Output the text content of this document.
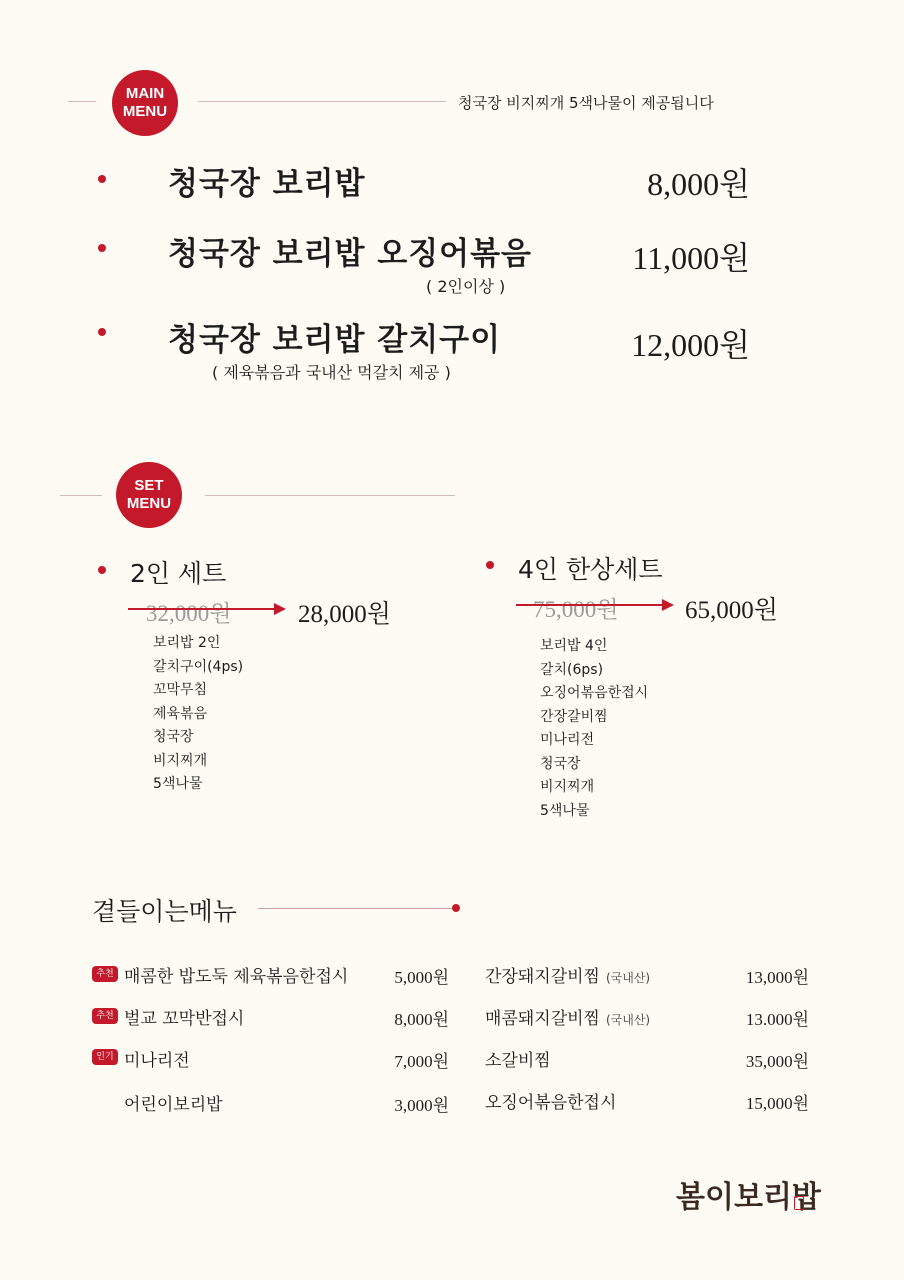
MAIN
MENU	청국장 비지찌개 5색나물이 제공됩니다
청국장 보리밥	8,000원
청국장 보리밥 오징어볶음	11,000원
( 2인이상 )
청국장 보리밥 갈치구이	12,000원
( 제육볶음과 국내산 먹갈치 제공 )
SET
MENU
2인 세트
32,000원	28,000원
보리밥 2인
갈치구이(4ps)
꼬막무침
제육볶음
청국장
비지찌개
5색나물
4인 한상세트
75,000원	65,000원
보리밥 4인
갈치(6ps)
오징어볶음한접시
간장갈비찜
미나리전
청국장
비지찌개
5색나물
곁들이는메뉴
추천 매콤한 밥도둑 제육볶음한접시	5,000원
추천 벌교 꼬막반접시	8,000원
인기 미나리전	7,000원
어린이보리밥	3,000원
간장돼지갈비찜 (국내산)	13,000원
매콤돼지갈비찜 (국내산)	13.000원
소갈비찜	35,000원
오징어볶음한접시	15,000원
봄이보리밥
